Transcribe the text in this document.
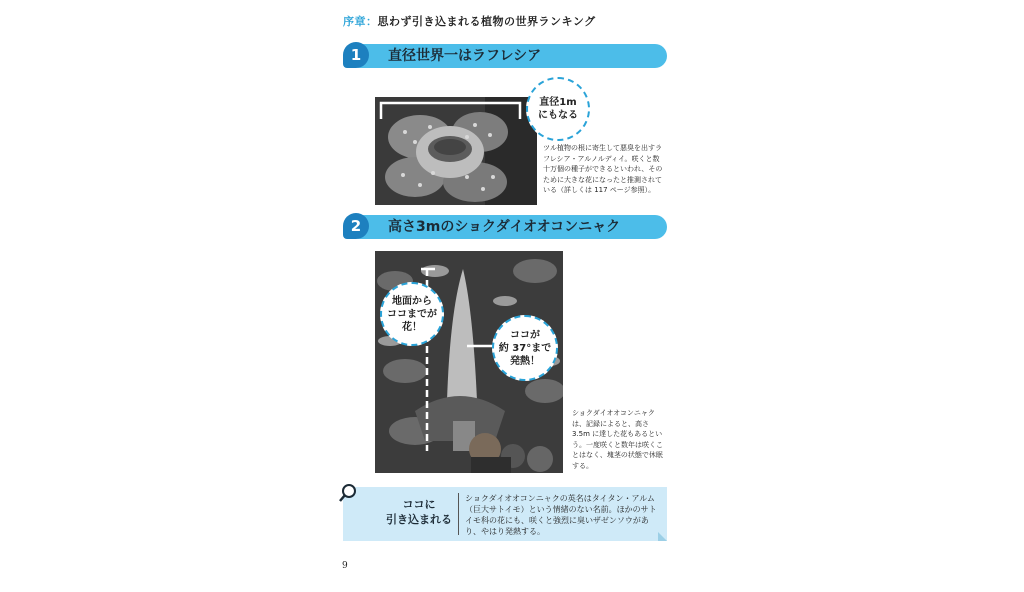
序章：思わず引き込まれる植物の世界ランキング
直径世界一はラフレシア
1
直径1m
にもなる
ツル植物の根に寄生して悪臭を出すラフレシア・アルノルディイ。咲くと数十万個の種子ができるといわれ、そのために大きな花になったと推測されている（詳しくは 117 ページ参照）。
高さ3mのショクダイオオコンニャク
2
地面から
ココまでが
花！
ココが
約 37°まで
発熱！
ショクダイオオコンニャクは、記録によると、高さ3.5m に達した花もあるという。一度咲くと数年は咲くことはなく、塊茎の状態で休眠する。
ココに
引き込まれる
ショクダイオオコンニャクの英名はタイタン・アルム（巨大サトイモ）という情緒のない名前。ほかのサトイモ科の花にも、咲くと強烈に臭いザゼンソウがあり、やはり発熱する。
9
